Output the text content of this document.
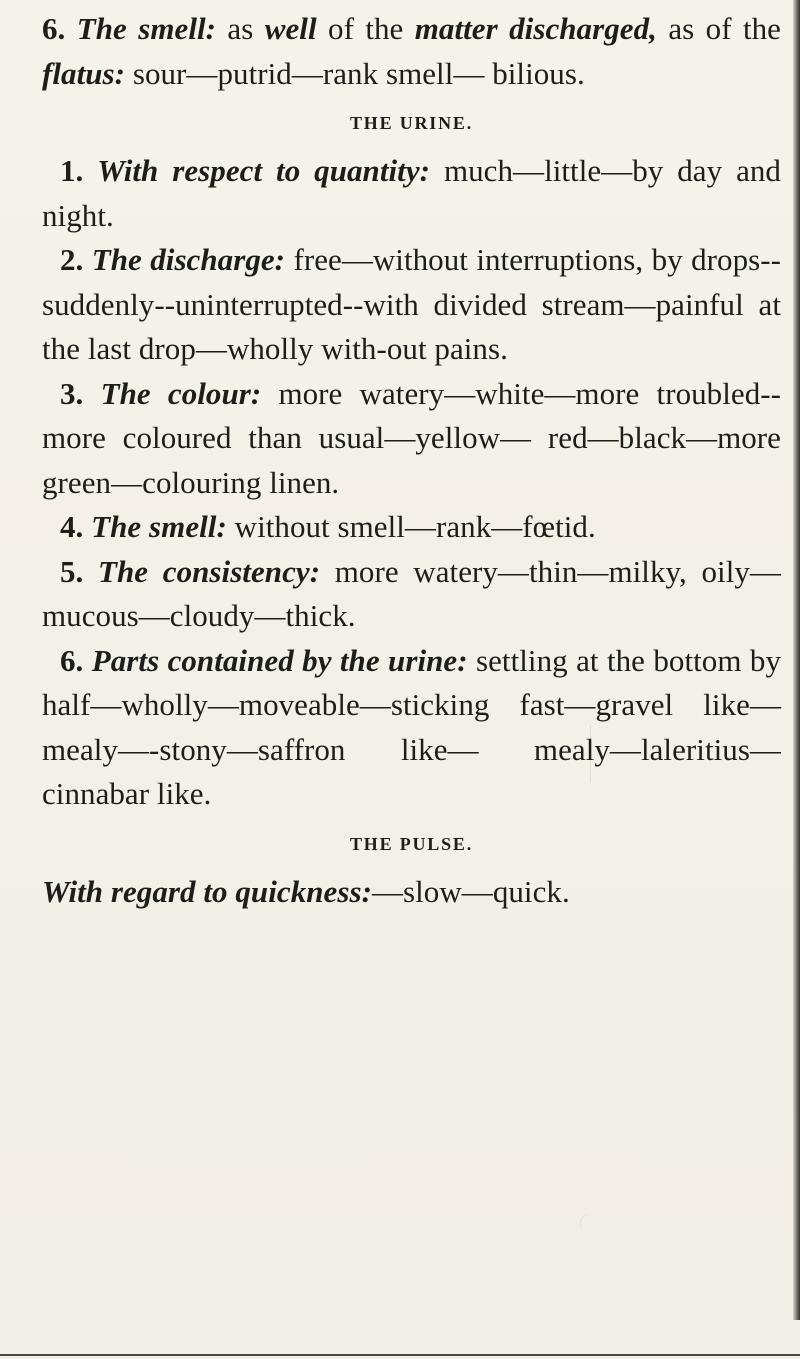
6. The smell: as well of the matter discharged, as of the flatus: sour—putrid—rank smell— bilious.

THE URINE.

1. With respect to quantity: much—little—by day and night.

2. The discharge: free—without interruptions, by drops--suddenly--uninterrupted--with divided stream—painful at the last drop—wholly with-out pains.

3. The colour: more watery—white—more troubled--more coloured than usual—yellow— red—black—more green—colouring linen.

4. The smell: without smell—rank—fœtid.

5. The consistency: more watery—thin—milky, oily—mucous—cloudy—thick.

6. Parts contained by the urine: settling at the bottom by half—wholly—moveable—sticking fast—gravel like—mealy—-stony—saffron like— mealy—laleritius—cinnabar like.

THE PULSE.

With regard to quickness:—slow—quick.
